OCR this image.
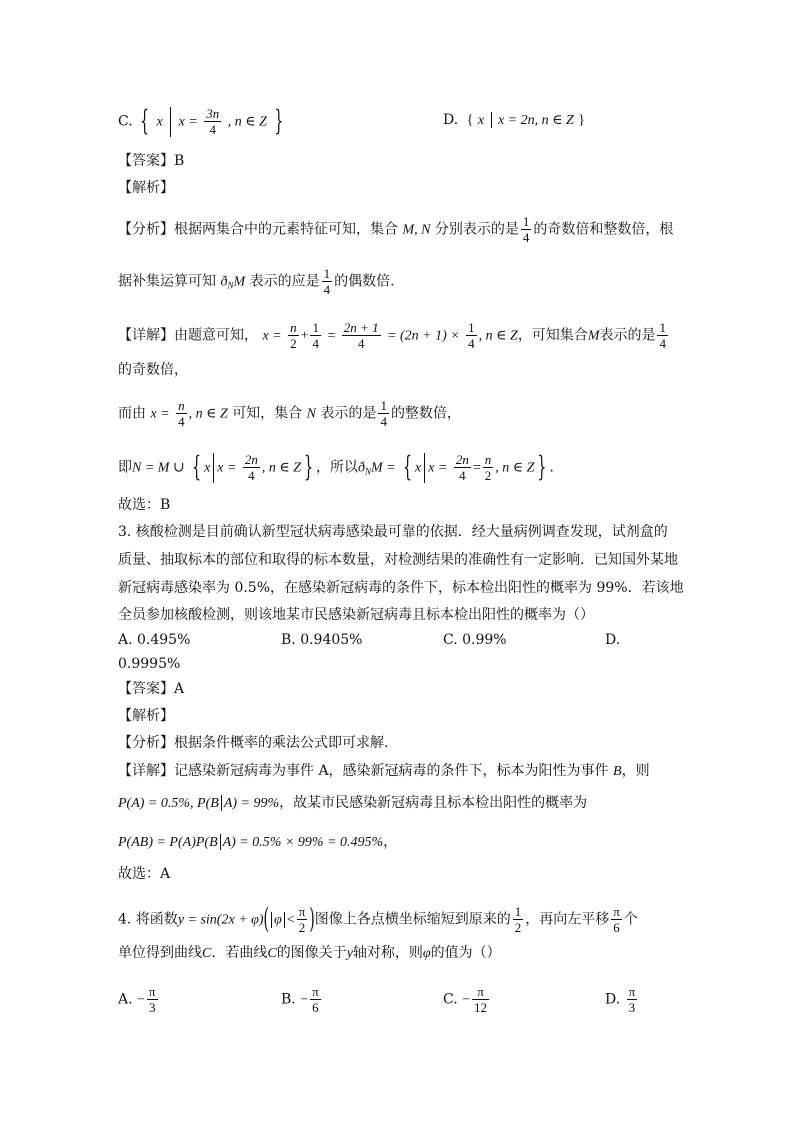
C. { x $x = \frac{3n}{4}$ , n ∈ Z }	D. { x x = 2n, n ∈ Z }
【答案】B
【解析】
【分析】根据两集合中的元素特征可知，集合 M, N 分别表示的是 $\frac{1}{4}$ 的奇数倍和整数倍，根
据补集运算可知 $ð_NM$ 表示的应是 $\frac{1}{4}$ 的偶数倍.
【详解】由题意可知， $x = \frac{n}{2} + \frac{1}{4} = \frac{2n + 1}{4} = (2n + 1) \times \frac{1}{4}$ , n ∈ Z，可知集合M表示的是 $\frac{1}{4}$
的奇数倍，
而由 $x = \frac{n}{4}$ , n ∈ Z 可知，集合 N 表示的是 $\frac{1}{4}$ 的整数倍，
即N = M ∪ { x $x = \frac{2n}{4}$ , n ∈ Z } ，所以$ð_NM$ = { x $x = \frac{2n}{4} = \frac{n}{2}$ , n ∈ Z } .
故选：B
3. 核酸检测是目前确认新型冠状病毒感染最可靠的依据．经大量病例调查发现，试剂盒的
质量、抽取标本的部位和取得的标本数量，对检测结果的准确性有一定影响．已知国外某地
新冠病毒感染率为 0.5%，在感染新冠病毒的条件下，标本检出阳性的概率为 99%．若该地
全员参加核酸检测，则该地某市民感染新冠病毒且标本检出阳性的概率为（）
A. 0.495%	B. 0.9405%	C. 0.99%	D.
0.9995%
【答案】A
【解析】
【分析】根据条件概率的乘法公式即可求解.
【详解】记感染新冠病毒为事件 A，感染新冠病毒的条件下，标本为阳性为事件 B，则
P(A) = 0.5%, P(B A) = 99%，故某市民感染新冠病毒且标本检出阳性的概率为
P(AB) = P(A)P(B A) = 0.5% × 99% = 0.495%，
故选：A
4. 将函数y = sin(2x + φ)( $\varphi < \frac{\pi}{2}$ )图像上各点横坐标缩短到原来的 $\frac{1}{2}$ ，再向左平移 $\frac{\pi}{6}$ 个
单位得到曲线C．若曲线C的图像关于y轴对称，则φ的值为（）
A. − $\frac{\pi}{3}$	B. − $\frac{\pi}{6}$	C. − $\frac{\pi}{12}$	D. $\frac{\pi}{3}$
